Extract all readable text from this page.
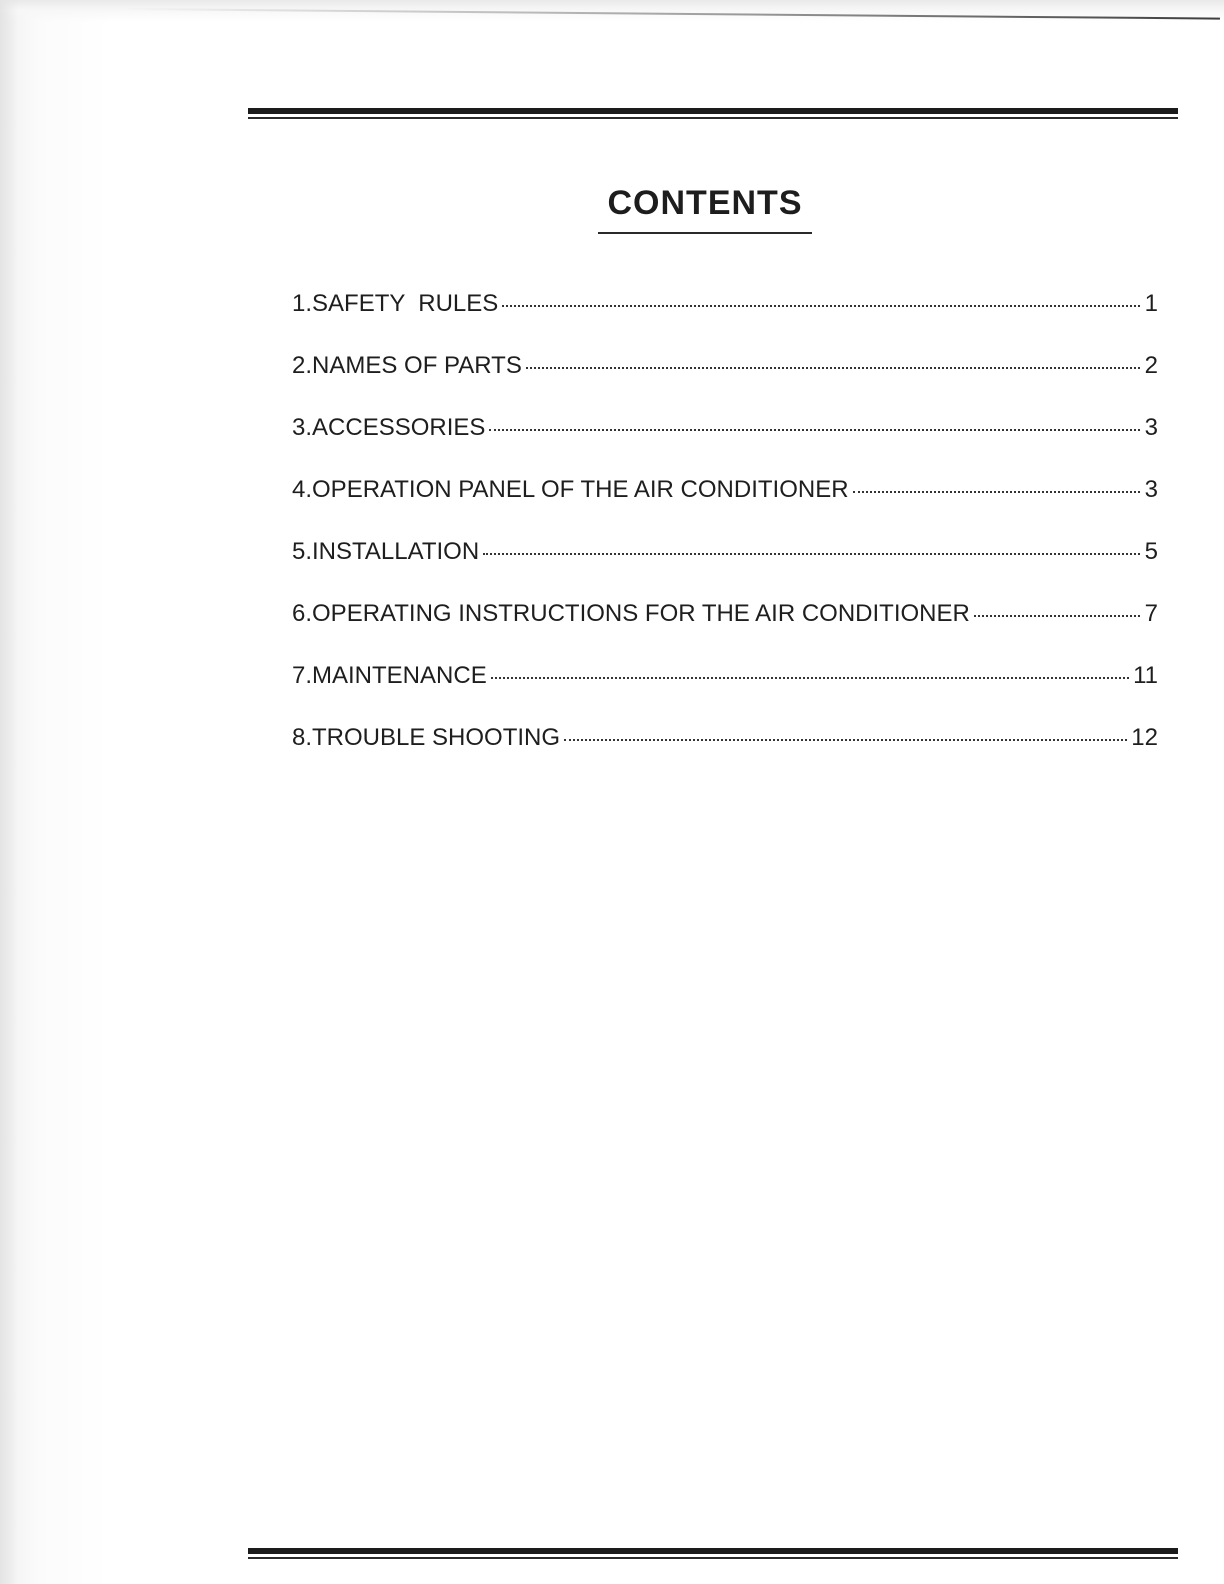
CONTENTS
1.SAFETY  RULES	1
2.NAMES OF PARTS	2
3.ACCESSORIES	3
4.OPERATION PANEL OF THE AIR CONDITIONER	3
5.INSTALLATION	5
6.OPERATING INSTRUCTIONS FOR THE AIR CONDITIONER	7
7.MAINTENANCE	11
8.TROUBLE SHOOTING	12
